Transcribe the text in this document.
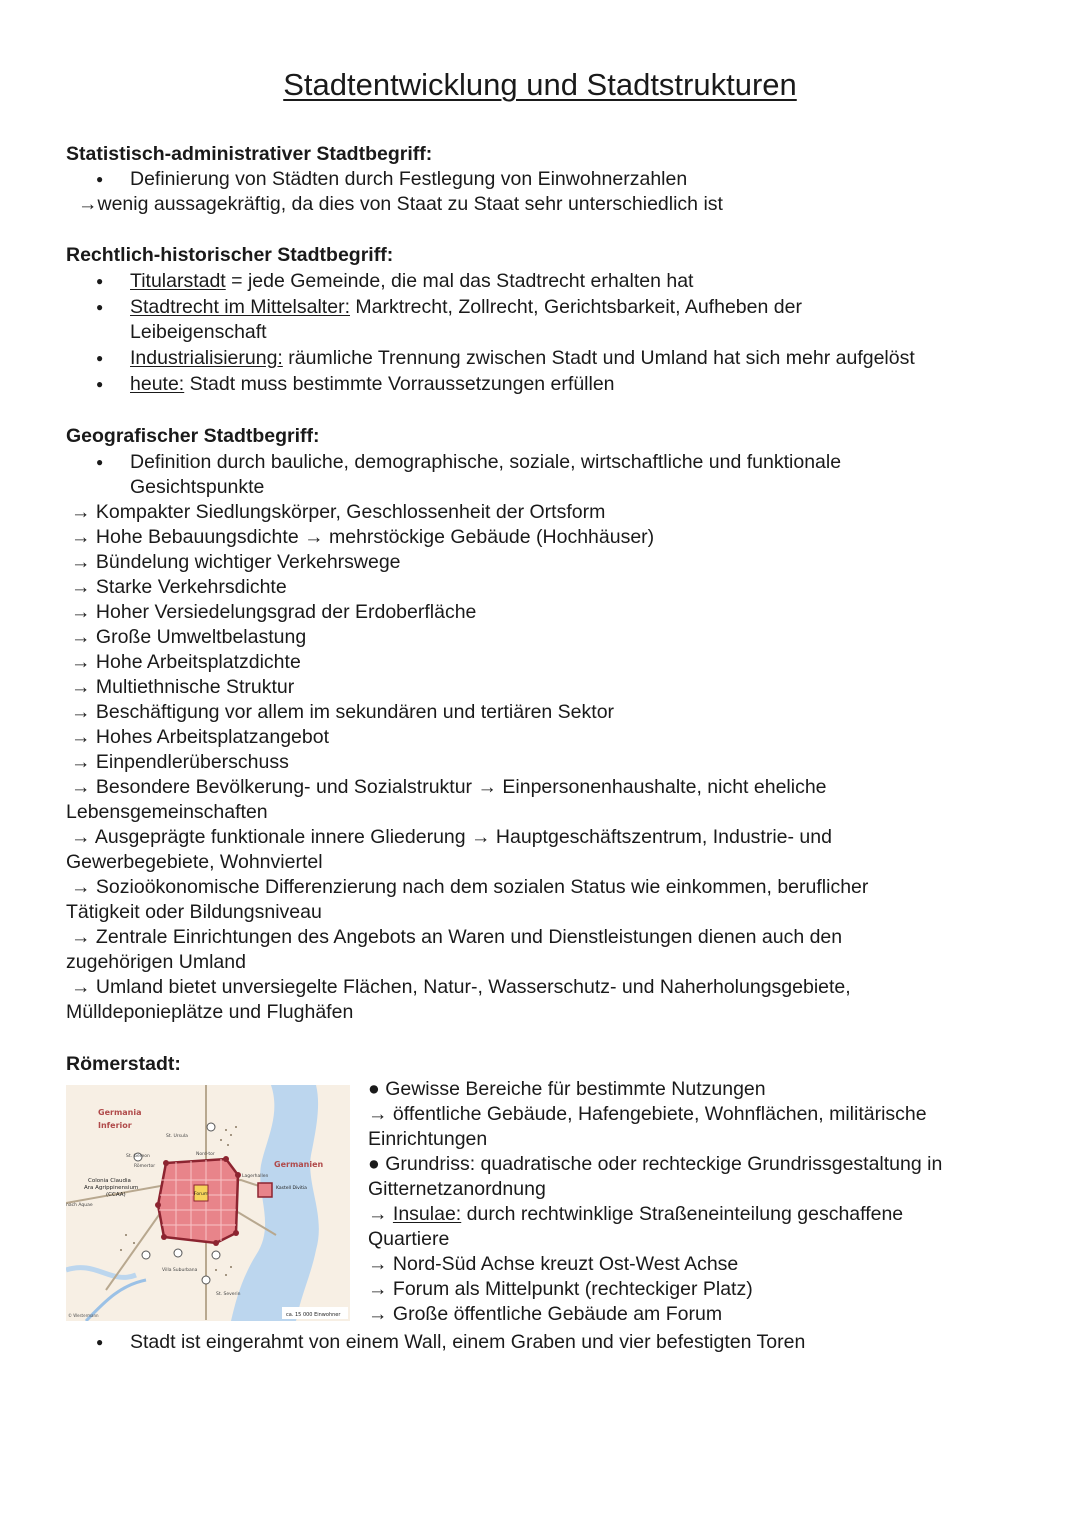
Stadtentwicklung und Stadtstrukturen
Statistisch-administrativer Stadtbegriff:
● Definierung von Städten durch Festlegung von Einwohnerzahlen
→wenig aussagekräftig, da dies von Staat zu Staat sehr unterschiedlich ist
Rechtlich-historischer Stadtbegriff:
● Titularstadt = jede Gemeinde, die mal das Stadtrecht erhalten hat
● Stadtrecht im Mittelsalter: Marktrecht, Zollrecht, Gerichtsbarkeit, Aufheben der
Leibeigenschaft
● Industrialisierung: räumliche Trennung zwischen Stadt und Umland hat sich mehr aufgelöst
● heute: Stadt muss bestimmte Vorraussetzungen erfüllen
Geografischer Stadtbegriff:
● Definition durch bauliche, demographische, soziale, wirtschaftliche und funktionale
Gesichtspunkte
→ Kompakter Siedlungskörper, Geschlossenheit der Ortsform
→ Hohe Bebauungsdichte → mehrstöckige Gebäude (Hochhäuser)
→ Bündelung wichtiger Verkehrswege
→ Starke Verkehrsdichte
→ Hoher Versiedelungsgrad der Erdoberfläche
→ Große Umweltbelastung
→ Hohe Arbeitsplatzdichte
→ Multiethnische Struktur
→ Beschäftigung vor allem im sekundären und tertiären Sektor
→ Hohes Arbeitsplatzangebot
→ Einpendlerüberschuss
→ Besondere Bevölkerung- und Sozialstruktur → Einpersonenhaushalte, nicht eheliche
Lebensgemeinschaften
→ Ausgeprägte funktionale innere Gliederung → Hauptgeschäftszentrum, Industrie- und
Gewerbegebiete, Wohnviertel
→ Sozioökonomische Differenzierung nach dem sozialen Status wie einkommen, beruflicher
Tätigkeit oder Bildungsniveau
→ Zentrale Einrichtungen des Angebots an Waren und Dienstleistungen dienen auch den
zugehörigen Umland
→ Umland bietet unversiegelte Flächen, Natur-, Wasserschutz- und Naherholungsgebiete,
Mülldeponieplätze und Flughäfen
Römerstadt:
Germania
Inferior
Germanien
Colonia Claudia
Ara Agrippinensium
(CCAA)
nach Aquae
St. Ursula
St. Gereon
Römertor
Nord-tor
Forum
Kastell Divitia
Lagerhallen
Villa Suburbana
St. Severin
© Westermann	ca. 15 000 Einwohner
● Gewisse Bereiche für bestimmte Nutzungen
→ öffentliche Gebäude, Hafengebiete, Wohnflächen, militärische
Einrichtungen
● Grundriss: quadratische oder rechteckige Grundrissgestaltung in
Gitternetzanordnung
→ Insulae: durch rechtwinklige Straßeneinteilung geschaffene
Quartiere
→ Nord-Süd Achse kreuzt Ost-West Achse
→ Forum als Mittelpunkt (rechteckiger Platz)
→ Große öffentliche Gebäude am Forum
● Stadt ist eingerahmt von einem Wall, einem Graben und vier befestigten Toren
